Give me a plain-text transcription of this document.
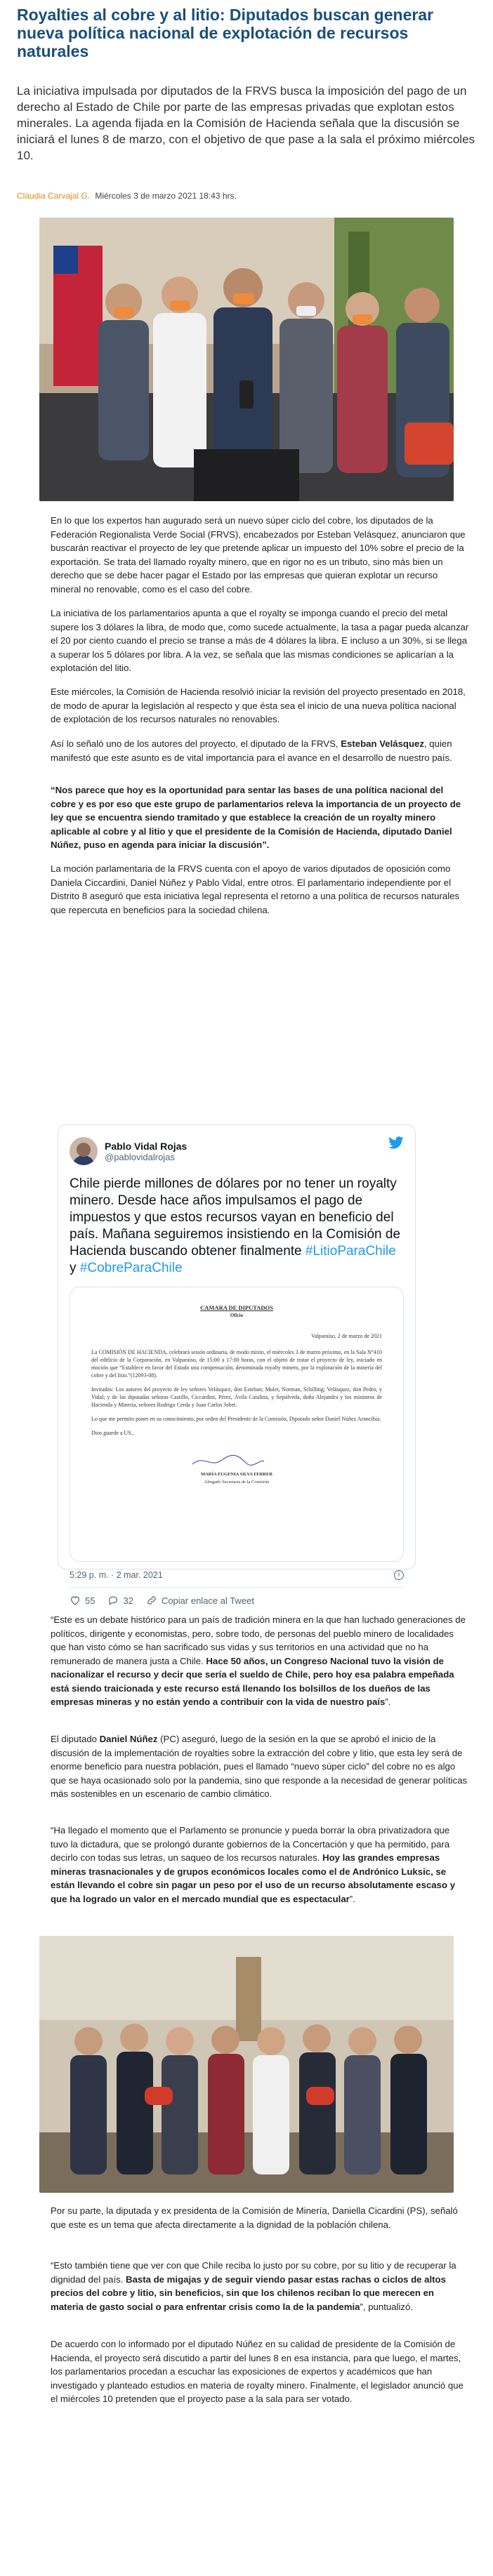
Royalties al cobre y al litio: Diputados buscan generar nueva política nacional de explotación de recursos naturales

La iniciativa impulsada por diputados de la FRVS busca la imposición del pago de un derecho al Estado de Chile por parte de las empresas privadas que explotan estos minerales. La agenda fijada en la Comisión de Hacienda señala que la discusión se iniciará el lunes 8 de marzo, con el objetivo de que pase a la sala el próximo miércoles 10.

Claudia Carvajal G. Miércoles 3 de marzo 2021 18:43 hrs.

En lo que los expertos han augurado será un nuevo súper ciclo del cobre, los diputados de la Federación Regionalista Verde Social (FRVS), encabezados por Esteban Velásquez, anunciaron que buscarán reactivar el proyecto de ley que pretende aplicar un impuesto del 10% sobre el precio de la exportación. Se trata del llamado royalty minero, que en rigor no es un tributo, sino más bien un derecho que se debe hacer pagar el Estado por las empresas que quieran explotar un recurso mineral no renovable, como es el caso del cobre.

La iniciativa de los parlamentarios apunta a que el royalty se imponga cuando el precio del metal supere los 3 dólares la libra, de modo que, como sucede actualmente, la tasa a pagar pueda alcanzar el 20 por ciento cuando el precio se transe a más de 4 dólares la libra. E incluso a un 30%, si se llega a superar los 5 dólares por libra. A la vez, se señala que las mismas condiciones se aplicarían a la explotación del litio.

Este miércoles, la Comisión de Hacienda resolvió iniciar la revisión del proyecto presentado en 2018, de modo de apurar la legislación al respecto y que ésta sea el inicio de una nueva política nacional de explotación de los recursos naturales no renovables.

Así lo señaló uno de los autores del proyecto, el diputado de la FRVS, Esteban Velásquez, quien manifestó que este asunto es de vital importancia para el avance en el desarrollo de nuestro país.

“Nos parece que hoy es la oportunidad para sentar las bases de una política nacional del cobre y es por eso que este grupo de parlamentarios releva la importancia de un proyecto de ley que se encuentra siendo tramitado y que establece la creación de un royalty minero aplicable al cobre y al litio y que el presidente de la Comisión de Hacienda, diputado Daniel Núñez, puso en agenda para iniciar la discusión”.

La moción parlamentaria de la FRVS cuenta con el apoyo de varios diputados de oposición como Daniela Ciccardini, Daniel Núñez y Pablo Vidal, entre otros. El parlamentario independiente por el Distrito 8 aseguró que esta iniciativa legal representa el retorno a una política de recursos naturales que repercuta en beneficios para la sociedad chilena.

Pablo Vidal Rojas
@pablovidalrojas
Chile pierde millones de dólares por no tener un royalty minero. Desde hace años impulsamos el pago de impuestos y que estos recursos vayan en beneficio del país. Mañana seguiremos insistiendo en la Comisión de Hacienda buscando obtener finalmente #LitioParaChile y #CobreParaChile
CAMARA DE DIPUTADOS
Oficio
Valparaíso, 2 de marzo de 2021

La COMISIÓN DE HACIENDA, celebrará sesión ordinaria, de modo mixto, el miércoles 3 de marzo próximo, en la Sala N°410 del edificio de la Corporación, en Valparaíso, de 15:00 a 17:00 horas, con el objeto de tratar el proyecto de ley, iniciado en moción que “Establece en favor del Estado una compensación, denominada royalty minero, por la explotación de la minería del cobre y del litio.”(12093-08).

Invitados: Los autores del proyecto de ley señores Velásquez, don Esteban; Mulet, Norman, Schilling; Velásquez, don Pedro, y Vidal; y de las diputadas señoras Castillo, Ciccardini, Pérez, Ávila Catalina, y Sepúlveda, doña Alejandra y los ministros de Hacienda y Minería, señores Rodrigo Cerda y Juan Carlos Jobet.

Lo que me permito poner en su conocimiento, por orden del Presidente de la Comisión, Diputado señor Daniel Núñez Arancibia.

Dios guarde a US.,

MARÍA EUGENIA SILVA FERRER
Abogado Secretaria de la Comisión
5:29 p. m. · 2 mar. 2021	i
55	32	Copiar enlace al Tweet

“Este es un debate histórico para un país de tradición minera en la que han luchado generaciones de políticos, dirigente y economistas, pero, sobre todo, de personas del pueblo minero de localidades que han visto cómo se han sacrificado sus vidas y sus territorios en una actividad que no ha remunerado de manera justa a Chile. Hace 50 años, un Congreso Nacional tuvo la visión de nacionalizar el recurso y decir que sería el sueldo de Chile, pero hoy esa palabra empeñada está siendo traicionada y este recurso está llenando los bolsillos de los dueños de las empresas mineras y no están yendo a contribuir con la vida de nuestro país”.

El diputado Daniel Núñez (PC) aseguró, luego de la sesión en la que se aprobó el inicio de la discusión de la implementación de royalties sobre la extracción del cobre y litio, que esta ley será de enorme beneficio para nuestra población, pues el llamado “nuevo súper ciclo” del cobre no es algo que se haya ocasionado solo por la pandemia, sino que responde a la necesidad de generar políticas más sostenibles en un escenario de cambio climático.

“Ha llegado el momento que el Parlamento se pronuncie y pueda borrar la obra privatizadora que tuvo la dictadura, que se prolongó durante gobiernos de la Concertación y que ha permitido, para decirlo con todas sus letras, un saqueo de los recursos naturales. Hoy las grandes empresas mineras trasnacionales y de grupos económicos locales como el de Andrónico Luksic, se están llevando el cobre sin pagar un peso por el uso de un recurso absolutamente escaso y que ha logrado un valor en el mercado mundial que es espectacular”.

Por su parte, la diputada y ex presidenta de la Comisión de Minería, Daniella Cicardini (PS), señaló que este es un tema que afecta directamente a la dignidad de la población chilena.

“Esto también tiene que ver con que Chile reciba lo justo por su cobre, por su litio y de recuperar la dignidad del país. Basta de migajas y de seguir viendo pasar estas rachas o ciclos de altos precios del cobre y litio, sin beneficios, sin que los chilenos reciban lo que merecen en materia de gasto social o para enfrentar crisis como la de la pandemia”, puntualizó.

De acuerdo con lo informado por el diputado Núñez en su calidad de presidente de la Comisión de Hacienda, el proyecto será discutido a partir del lunes 8 en esa instancia, para que luego, el martes, los parlamentarios procedan a escuchar las exposiciones de expertos y académicos que han investigado y planteado estudios en materia de royalty minero. Finalmente, el legislador anunció que el miércoles 10 pretenden que el proyecto pase a la sala para ser votado.
